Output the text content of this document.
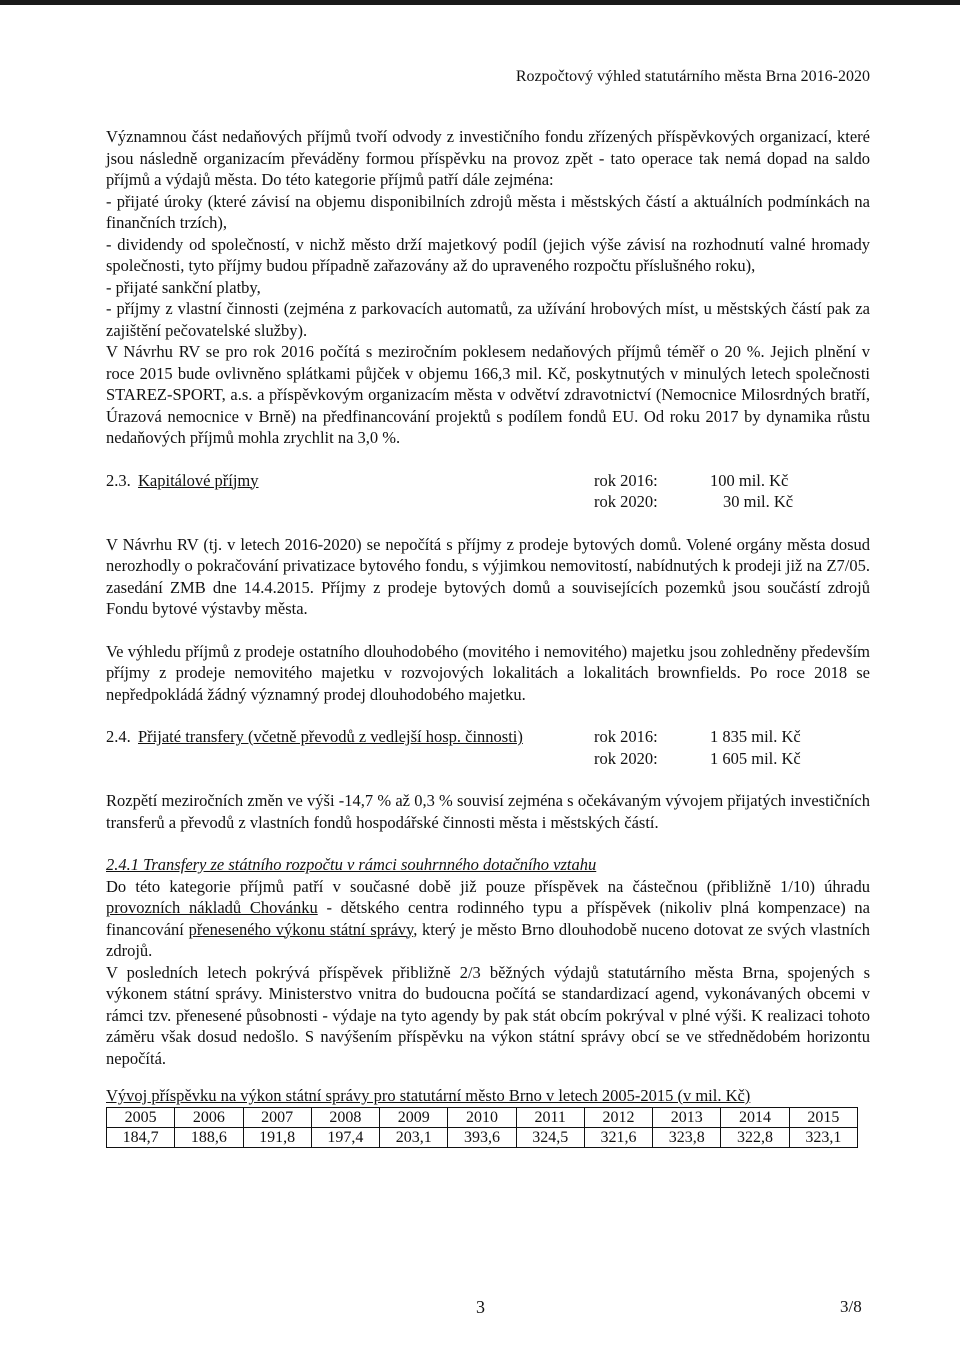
Rozpočtový výhled statutárního města Brna 2016-2020

Významnou část nedaňových příjmů tvoří odvody z investičního fondu zřízených příspěvkových organizací, které jsou následně organizacím převáděny formou příspěvku na provoz zpět - tato operace tak nemá dopad na saldo příjmů a výdajů města. Do této kategorie příjmů patří dále zejména:

- přijaté úroky (které závisí na objemu disponibilních zdrojů města i městských částí a aktuálních podmínkách na finančních trzích),

- dividendy od společností, v nichž město drží majetkový podíl (jejich výše závisí na rozhodnutí valné hromady společnosti, tyto příjmy budou případně zařazovány až do upraveného rozpočtu příslušného roku),

- přijaté sankční platby,

- příjmy z vlastní činnosti (zejména z parkovacích automatů, za užívání hrobových míst, u městských částí pak za zajištění pečovatelské služby).

V Návrhu RV se pro rok 2016 počítá s meziročním poklesem nedaňových příjmů téměř o 20 %. Jejich plnění v roce 2015 bude ovlivněno splátkami půjček v objemu 166,3 mil. Kč, poskytnutých v minulých letech společnosti STAREZ-SPORT, a.s. a příspěvkovým organizacím města v odvětví zdravotnictví (Nemocnice Milosrdných bratří, Úrazová nemocnice v Brně) na předfinancování projektů s podílem fondů EU. Od roku 2017 by dynamika růstu nedaňových příjmů mohla zrychlit na 3,0 %.

2.3. Kapitálové příjmy	rok 2016:	100 mil. Kč
rok 2020:	30 mil. Kč

V Návrhu RV (tj. v letech 2016-2020) se nepočítá s příjmy z prodeje bytových domů. Volené orgány města dosud nerozhodly o pokračování privatizace bytového fondu, s výjimkou nemovitostí, nabídnutých k prodeji již na Z7/05. zasedání ZMB dne 14.4.2015. Příjmy z prodeje bytových domů a souvisejících pozemků jsou součástí zdrojů Fondu bytové výstavby města.

Ve výhledu příjmů z prodeje ostatního dlouhodobého (movitého i nemovitého) majetku jsou zohledněny především příjmy z prodeje nemovitého majetku v rozvojových lokalitách a lokalitách brownfields. Po roce 2018 se nepředpokládá žádný významný prodej dlouhodobého majetku.

2.4. Přijaté transfery (včetně převodů z vedlejší hosp. činnosti)	rok 2016:	1 835 mil. Kč
rok 2020:	1 605 mil. Kč

Rozpětí meziročních změn ve výši -14,7 % až 0,3 % souvisí zejména s očekávaným vývojem přijatých investičních transferů a převodů z vlastních fondů hospodářské činnosti města i městských částí.

2.4.1 Transfery ze státního rozpočtu v rámci souhrnného dotačního vztahu

Do této kategorie příjmů patří v současné době již pouze příspěvek na částečnou (přibližně 1/10) úhradu provozních nákladů Chovánku - dětského centra rodinného typu a příspěvek (nikoliv plná kompenzace) na financování přeneseného výkonu státní správy, který je město Brno dlouhodobě nuceno dotovat ze svých vlastních zdrojů.

V posledních letech pokrývá příspěvek přibližně 2/3 běžných výdajů statutárního města Brna, spojených s výkonem státní správy. Ministerstvo vnitra do budoucna počítá se standardizací agend, vykonávaných obcemi v rámci tzv. přenesené působnosti - výdaje na tyto agendy by pak stát obcím pokrýval v plné výši. K realizaci tohoto záměru však dosud nedošlo. S navýšením příspěvku na výkon státní správy obcí se ve střednědobém horizontu nepočítá.

Vývoj příspěvku na výkon státní správy pro statutární město Brno v letech 2005-2015 (v mil. Kč)

2005	2006	2007	2008	2009	2010	2011	2012	2013	2014	2015
184,7	188,6	191,8	197,4	203,1	393,6	324,5	321,6	323,8	322,8	323,1
3	3/8
